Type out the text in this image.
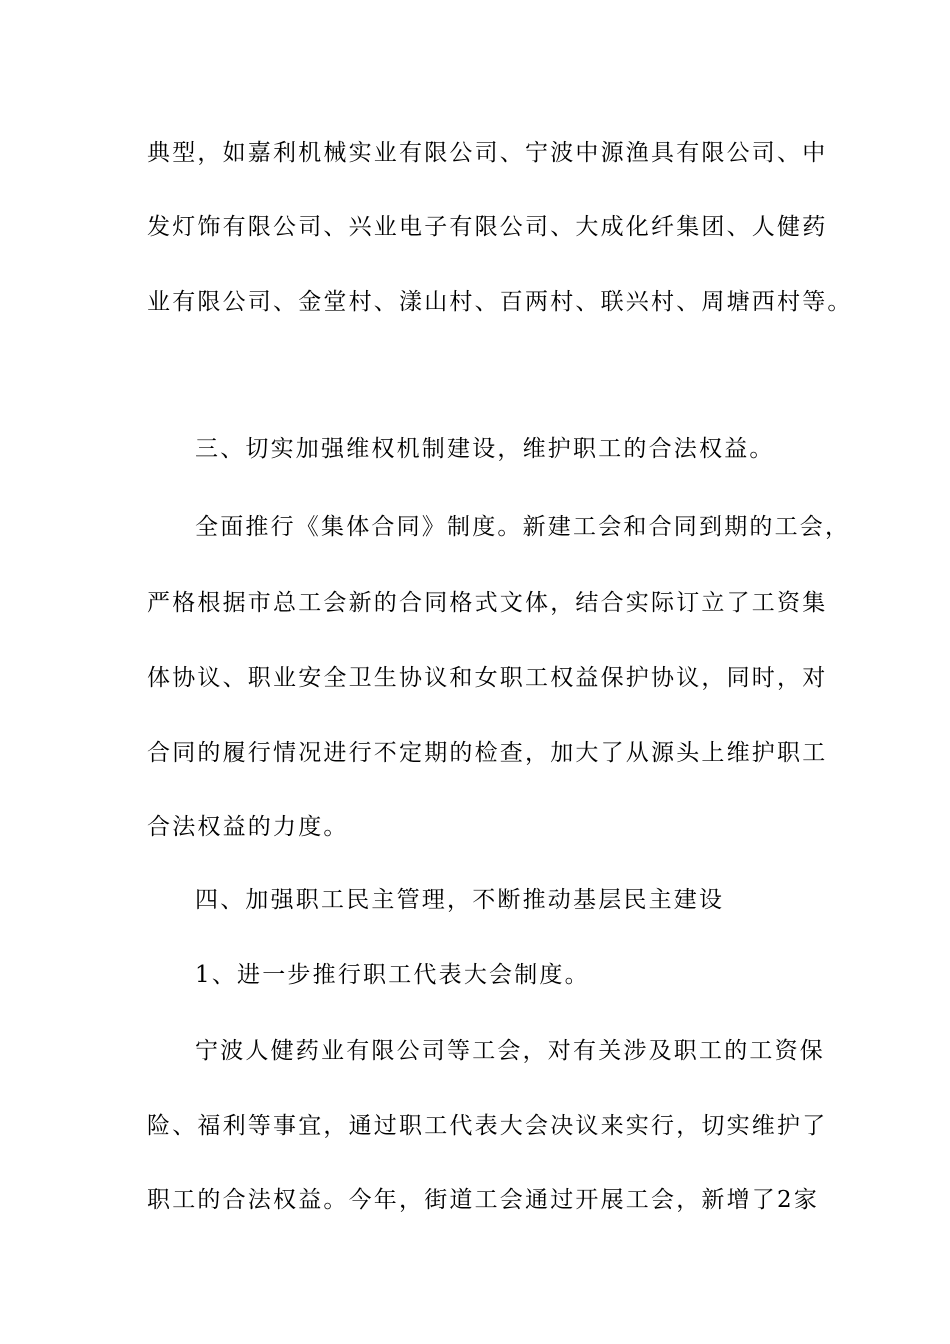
典型，如嘉利机械实业有限公司、宁波中源渔具有限公司、中
发灯饰有限公司、兴业电子有限公司、大成化纤集团、人健药
业有限公司、金堂村、漾山村、百两村、联兴村、周塘西村等。
三、切实加强维权机制建设，维护职工的合法权益。
全面推行《集体合同》制度。新建工会和合同到期的工会，
严格根据市总工会新的合同格式文体，结合实际订立了工资集
体协议、职业安全卫生协议和女职工权益保护协议，同时，对
合同的履行情况进行不定期的检查，加大了从源头上维护职工
合法权益的力度。
四、加强职工民主管理，不断推动基层民主建设
1、进一步推行职工代表大会制度。
宁波人健药业有限公司等工会，对有关涉及职工的工资保
险、福利等事宜，通过职工代表大会决议来实行，切实维护了
职工的合法权益。今年，街道工会通过开展工会，新增了2家
